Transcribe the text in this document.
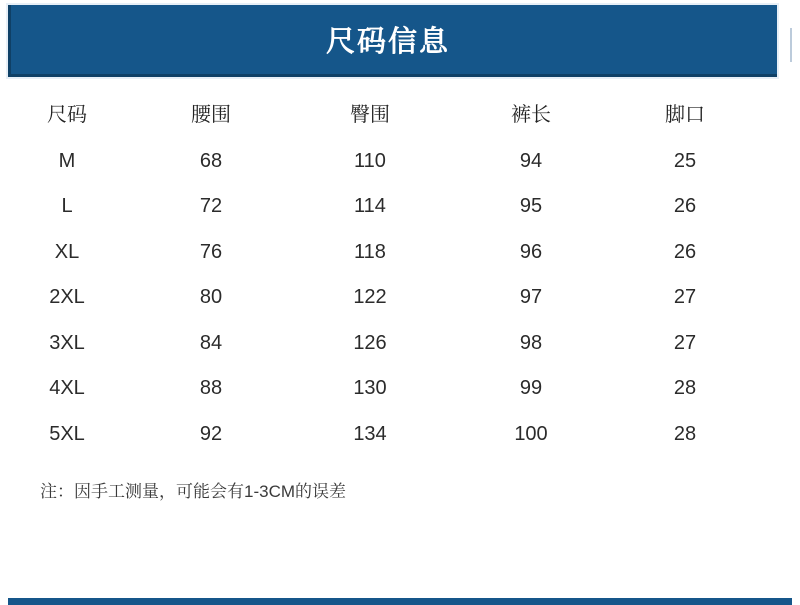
尺码信息
尺码	腰围	臀围	裤长	脚口
M	68	110	94	25
L	72	114	95	26
XL	76	118	96	26
2XL	80	122	97	27
3XL	84	126	98	27
4XL	88	130	99	28
5XL	92	134	100	28
注：因手工测量，可能会有1-3CM的误差
